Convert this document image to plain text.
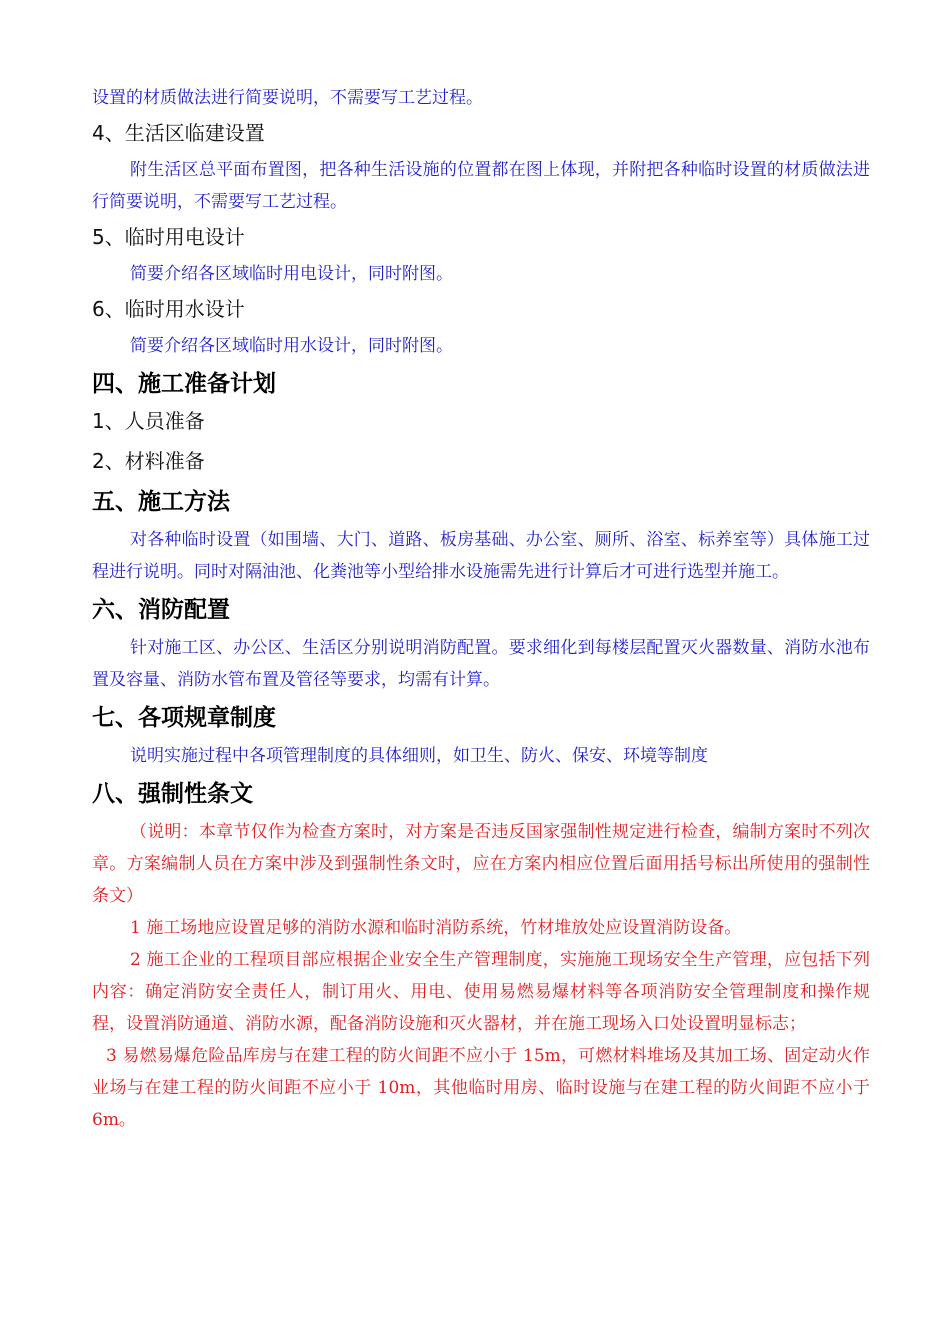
设置的材质做法进行简要说明，不需要写工艺过程。

4、生活区临建设置

附生活区总平面布置图，把各种生活设施的位置都在图上体现，并附把各种临时设置的材质做法进行简要说明，不需要写工艺过程。

5、临时用电设计

简要介绍各区域临时用电设计，同时附图。

6、临时用水设计

简要介绍各区域临时用水设计，同时附图。

四、施工准备计划
1、人员准备
2、材料准备
五、施工方法

对各种临时设置（如围墙、大门、道路、板房基础、办公室、厕所、浴室、标养室等）具体施工过程进行说明。同时对隔油池、化粪池等小型给排水设施需先进行计算后才可进行选型并施工。

六、消防配置

针对施工区、办公区、生活区分别说明消防配置。要求细化到每楼层配置灭火器数量、消防水池布置及容量、消防水管布置及管径等要求，均需有计算。

七、各项规章制度

说明实施过程中各项管理制度的具体细则，如卫生、防火、保安、环境等制度

八、强制性条文

（说明：本章节仅作为检查方案时，对方案是否违反国家强制性规定进行检查，编制方案时不列次章。方案编制人员在方案中涉及到强制性条文时，应在方案内相应位置后面用括号标出所使用的强制性条文）

1 施工场地应设置足够的消防水源和临时消防系统，竹材堆放处应设置消防设备。

2 施工企业的工程项目部应根据企业安全生产管理制度，实施施工现场安全生产管理，应包括下列内容：确定消防安全责任人，制订用火、用电、使用易燃易爆材料等各项消防安全管理制度和操作规程，设置消防通道、消防水源，配备消防设施和灭火器材，并在施工现场入口处设置明显标志；

3 易燃易爆危险品库房与在建工程的防火间距不应小于 15m，可燃材料堆场及其加工场、固定动火作业场与在建工程的防火间距不应小于 10m，其他临时用房、临时设施与在建工程的防火间距不应小于 6m。
